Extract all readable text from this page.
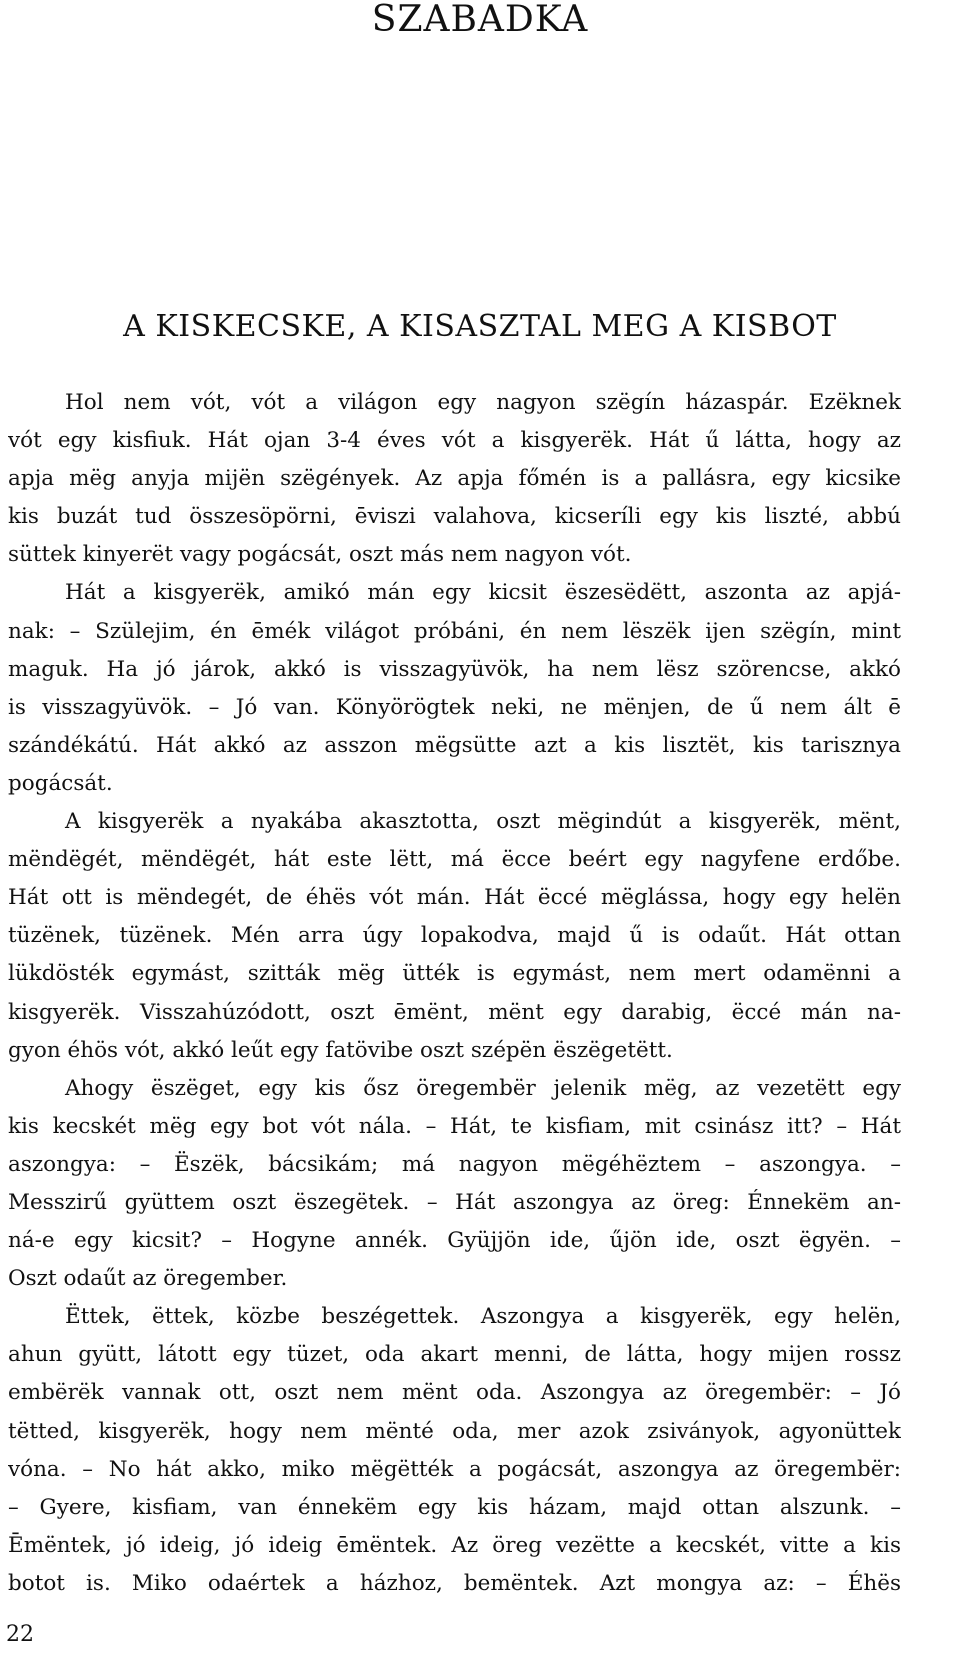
SZABADKA
A KISKECSKE, A KISASZTAL MEG A KISBOT
Hol nem vót, vót a világon egy nagyon szëgín házaspár. Ezëknek
vót egy kisfiuk. Hát ojan 3-4 éves vót a kisgyerëk. Hát ű látta, hogy az
apja mëg anyja mijën szëgények. Az apja főmén is a pallásra, egy kicsike
kis buzát tud összesöpörni, ēviszi valahova, kicseríli egy kis liszté, abbú
süttek kinyerët vagy pogácsát, oszt más nem nagyon vót.
Hát a kisgyerëk, amikó mán egy kicsit ëszesëdëtt, aszonta az apjá-
nak: – Szülejim, én ēmék világot próbáni, én nem lëszëk ijen szëgín, mint
maguk. Ha jó járok, akkó is visszagyüvök, ha nem lësz szörencse, akkó
is visszagyüvök. – Jó van. Könyörögtek neki, ne mënjen, de ű nem ált ē
szándékátú. Hát akkó az asszon mëgsütte azt a kis lisztët, kis tarisznya
pogácsát.
A kisgyerëk a nyakába akasztotta, oszt mëgindút a kisgyerëk, mënt,
mëndëgét, mëndëgét, hát este lëtt, má ëcce beért egy nagyfene erdőbe.
Hát ott is mëndegét, de éhës vót mán. Hát ëccé mëglássa, hogy egy helën
tüzënek, tüzënek. Mén arra úgy lopakodva, majd ű is odaűt. Hát ottan
lükdösték egymást, szitták mëg ütték is egymást, nem mert odamënni a
kisgyerëk. Visszahúzódott, oszt ēmënt, mënt egy darabig, ëccé mán na-
gyon éhös vót, akkó leűt egy fatövibe oszt szépën ëszëgetëtt.
Ahogy ëszëget, egy kis ősz öregembër jelenik mëg, az vezetëtt egy
kis kecskét mëg egy bot vót nála. – Hát, te kisfiam, mit csinász itt? – Hát
aszongya: – Ëszëk, bácsikám; má nagyon mëgéhëztem – aszongya. –
Messzirű gyüttem oszt ëszegëtek. – Hát aszongya az öreg: Énnekëm an-
ná-e egy kicsit? – Hogyne annék. Gyüjjön ide, űjön ide, oszt ëgyën. –
Oszt odaűt az öregember.
Ëttek, ëttek, közbe beszégettek. Aszongya a kisgyerëk, egy helën,
ahun gyütt, látott egy tüzet, oda akart menni, de látta, hogy mijen rossz
embërëk vannak ott, oszt nem mënt oda. Aszongya az öregembër: – Jó
tëtted, kisgyerëk, hogy nem mënté oda, mer azok zsiványok, agyonüttek
vóna. – No hát akko, miko mëgëtték a pogácsát, aszongya az öregembër:
– Gyere, kisfiam, van énnekëm egy kis házam, majd ottan alszunk. –
Ēmëntek, jó ideig, jó ideig ēmëntek. Az öreg vezëtte a kecskét, vitte a kis
botot is. Miko odaértek a házhoz, bemëntek. Azt mongya az: – Éhës
22
